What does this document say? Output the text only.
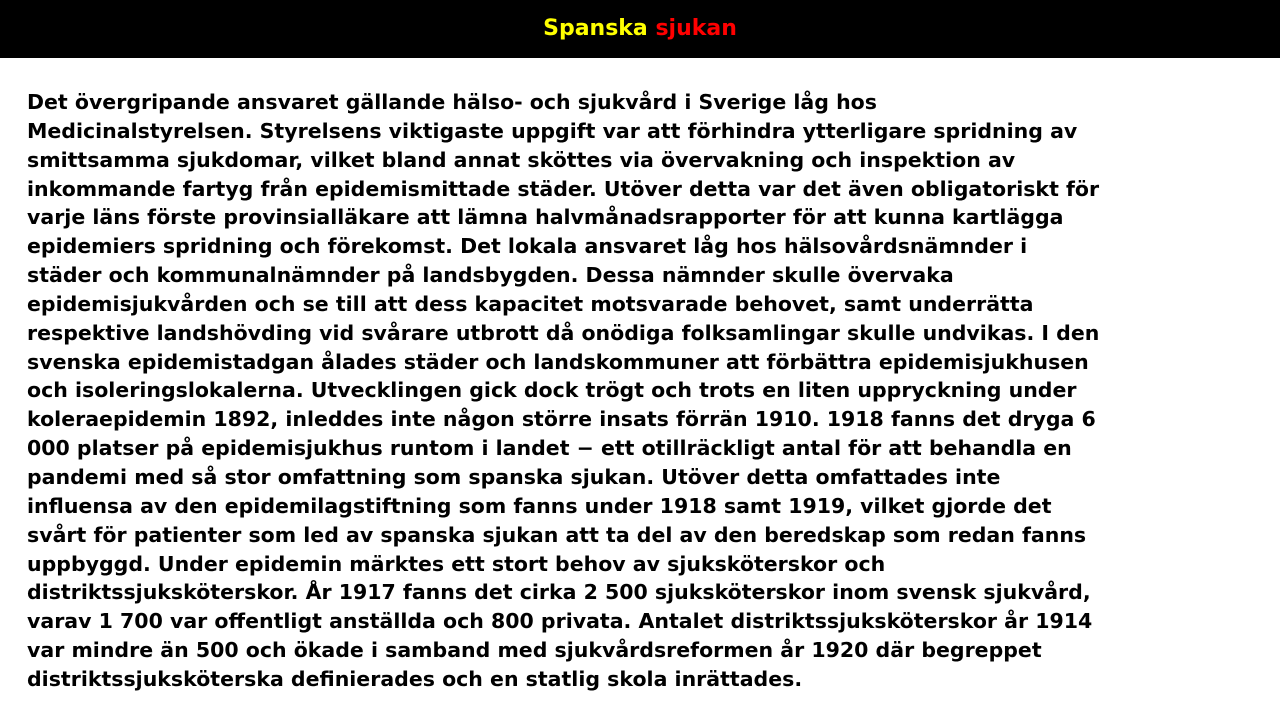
Spanska sjukan

Det övergripande ansvaret gällande hälso- och sjukvård i Sverige låg hos
Medicinalstyrelsen. Styrelsens viktigaste uppgift var att förhindra ytterligare spridning av
smittsamma sjukdomar, vilket bland annat sköttes via övervakning och inspektion av
inkommande fartyg från epidemismittade städer. Utöver detta var det även obligatoriskt för
varje läns förste provinsialläkare att lämna halvmånadsrapporter för att kunna kartlägga
epidemiers spridning och förekomst. Det lokala ansvaret låg hos hälsovårdsnämnder i
städer och kommunalnämnder på landsbygden. Dessa nämnder skulle övervaka
epidemisjukvården och se till att dess kapacitet motsvarade behovet, samt underrätta
respektive landshövding vid svårare utbrott då onödiga folksamlingar skulle undvikas. I den
svenska epidemistadgan ålades städer och landskommuner att förbättra epidemisjukhusen
och isoleringslokalerna. Utvecklingen gick dock trögt och trots en liten uppryckning under
koleraepidemin 1892, inleddes inte någon större insats förrän 1910. 1918 fanns det dryga 6
000 platser på epidemisjukhus runtom i landet − ett otillräckligt antal för att behandla en
pandemi med så stor omfattning som spanska sjukan. Utöver detta omfattades inte
influensa av den epidemilagstiftning som fanns under 1918 samt 1919, vilket gjorde det
svårt för patienter som led av spanska sjukan att ta del av den beredskap som redan fanns
uppbyggd. Under epidemin märktes ett stort behov av sjuksköterskor och
distriktssjuksköterskor. År 1917 fanns det cirka 2 500 sjuksköterskor inom svensk sjukvård,
varav 1 700 var offentligt anställda och 800 privata. Antalet distriktssjuksköterskor år 1914
var mindre än 500 och ökade i samband med sjukvårdsreformen år 1920 där begreppet
distriktssjuksköterska definierades och en statlig skola inrättades.
